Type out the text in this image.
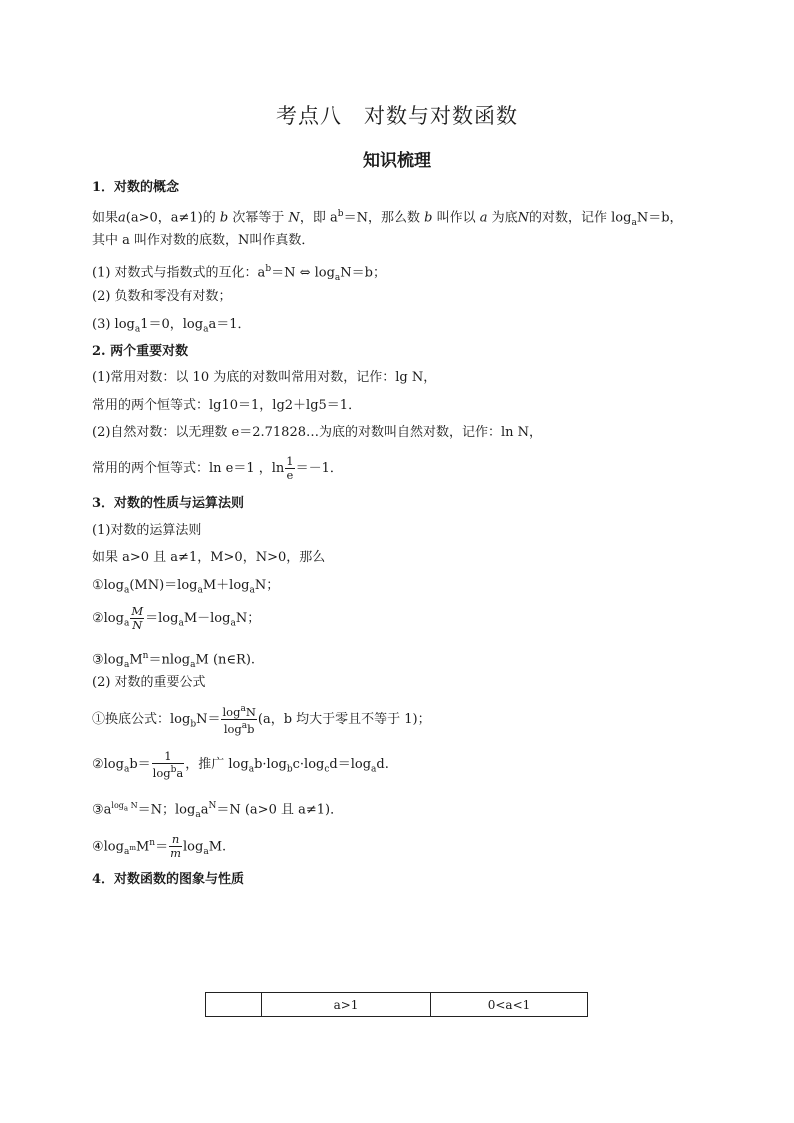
考点八　对数与对数函数
知识梳理
1．对数的概念
如果a(a>0，a≠1)的 b 次幂等于 N，即 $a^b=N$，那么数 b 叫作以 a 为底N的对数，记作 $\log_aN=b$，
其中 a 叫作对数的底数，N叫作真数．
(1) 对数式与指数式的互化：$a^b=N$ ⇔ $\log_aN=b$；
(2) 负数和零没有对数；
(3) $\log_a1=0$，$\log_aa=1$．
2. 两个重要对数
(1)常用对数：以 10 为底的对数叫常用对数，记作：lg N，
常用的两个恒等式：lg10＝1，lg2＋lg5＝1．
(2)自然对数：以无理数 e＝2.71828…为底的对数叫自然对数，记作：ln N，
常用的两个恒等式：ln e＝1 ，$\ln \frac{1}{e} =-1$．
3．对数的性质与运算法则
(1)对数的运算法则
如果 a>0 且 a≠1，M>0，N>0，那么
$①\log_a(MN)=\log_aM+\log_aN$；
$②\log_a \frac{M}{N} =\log_aM-\log_aN$；
$③\log_aM^n=nlog_aM$ (n∈R).
(2) 对数的重要公式
①换底公式：$\log_bN= \frac{\log^aN}{\log^ab} (a$，b 均大于零且不等于 1)；
$②\log_ab= \frac{1}{\log^ba}$ ，推广 $\log_ab\cdot\log_bc\cdot\log_cd=\log_ad$.
$③a^{log_a N}=N$；$\log_aa^N=N$ (a>0 且 a≠1)．
$④\log_{a^m}M^n= \frac{n}{m} \log_aM$.
4．对数函数的图象与性质
	a>1	0<a<1
